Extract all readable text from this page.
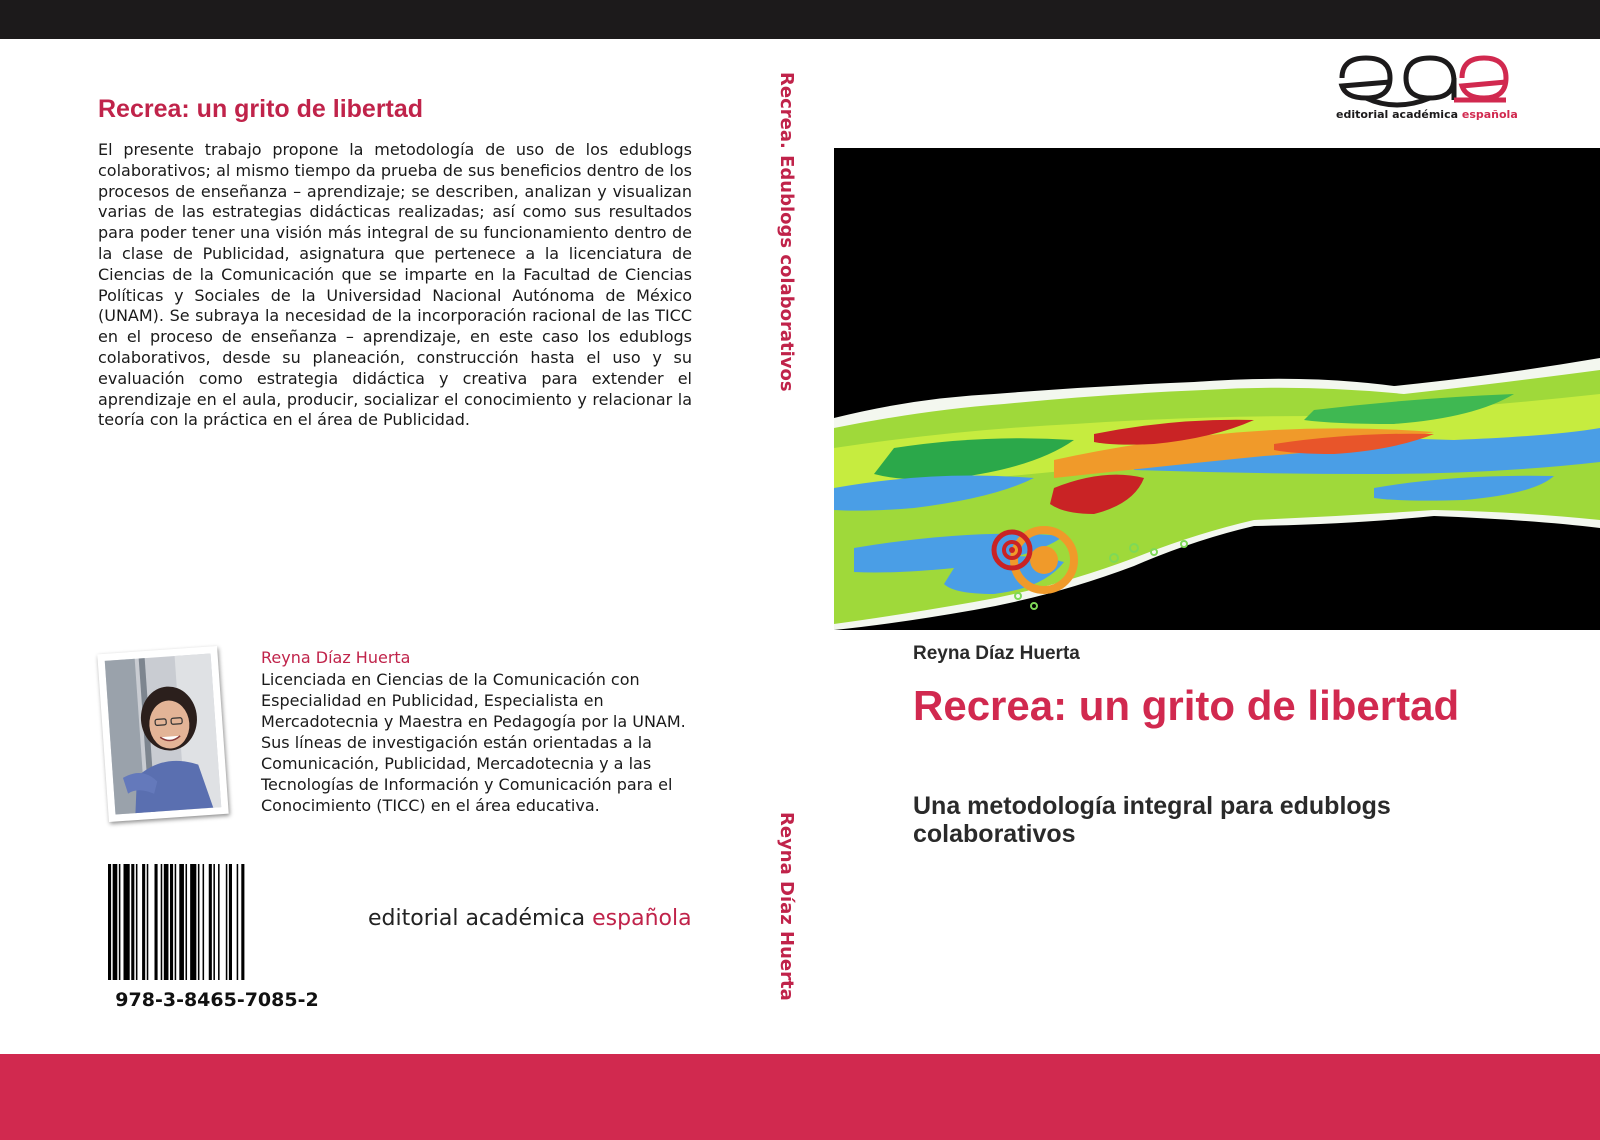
Recrea: un grito de libertad

El presente trabajo propone la metodología de uso de los edublogs colaborativos; al mismo tiempo da prueba de sus beneficios dentro de los procesos de enseñanza – aprendizaje; se describen, analizan y visualizan varias de las estrategias didácticas realizadas; así como sus resultados para poder tener una visión más integral de su funcionamiento dentro de la clase de Publicidad, asignatura que pertenece a la licenciatura de Ciencias de la Comunicación que se imparte en la Facultad de Ciencias Políticas y Sociales de la Universidad Nacional Autónoma de México (UNAM). Se subraya la necesidad de la incorporación racional de las TICC en el proceso de enseñanza – aprendizaje, en este caso los edublogs colaborativos, desde su planeación, construcción hasta el uso y su evaluación como estrategia didáctica y creativa para extender el aprendizaje en el aula, producir, socializar el conocimiento y relacionar la teoría con la práctica en el área de Publicidad.

Reyna Díaz Huerta

Licenciada en Ciencias de la Comunicación con Especialidad en Publicidad, Especialista en Mercadotecnia y Maestra en Pedagogía por la UNAM. Sus líneas de investigación están orientadas a la Comunicación, Publicidad, Mercadotecnia y a las Tecnologías de Información y Comunicación para el Conocimiento (TICC) en el área educativa.

978-3-8465-7085-2

editorial académica española

Recrea. Edublogs colaborativos
Reyna Díaz Huerta
editorial académica española

Reyna Díaz Huerta

Recrea: un grito de libertad
Una metodología integral para edublogs colaborativos
